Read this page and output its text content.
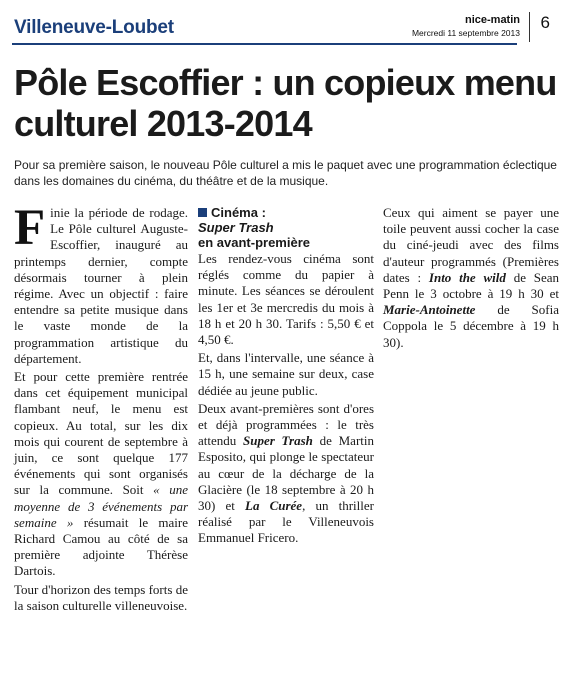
Villeneuve-Loubet	nice-matin
Mercredi 11 septembre 2013
6
Pôle Escoffier : un copieux menu culturel 2013-2014
Pour sa première saison, le nouveau Pôle culturel a mis le paquet avec une programmation éclectique dans les domaines du cinéma, du théâtre et de la musique.

Finie la période de rodage. Le Pôle culturel Auguste-Escoffier, inauguré au printemps dernier, compte désormais tourner à plein régime. Avec un objectif : faire entendre sa petite musique dans le vaste monde de la programmation artistique du département.

Et pour cette première rentrée dans cet équipement municipal flambant neuf, le menu est copieux. Au total, sur les dix mois qui courent de septembre à juin, ce sont quelque 177 événements qui sont organisés sur la commune. Soit « une moyenne de 3 événements par semaine » résumait le maire Richard Camou au côté de sa première adjointe Thérèse Dartois.

Tour d'horizon des temps forts de la saison culturelle villeneuvoise.

Cinéma :
Super Trash
en avant-première

Les rendez-vous cinéma sont réglés comme du papier à minute. Les séances se déroulent les 1er et 3e mercredis du mois à 18 h et 20 h 30. Tarifs : 5,50 € et 4,50 €.

Et, dans l'intervalle, une séance à 15 h, une semaine sur deux, case dédiée au jeune public.

Deux avant-premières sont d'ores et déjà programmées : le très attendu Super Trash de Martin Esposito, qui plonge le spectateur au cœur de la décharge de la Glacière (le 18 septembre à 20 h 30) et La Curée, un thriller réalisé par le Villeneuvois Emmanuel Fricero.

Ceux qui aiment se payer une toile peuvent aussi cocher la case du ciné-jeudi avec des films d'auteur programmés (Premières dates : Into the wild de Sean Penn le 3 octobre à 19 h 30 et Marie-Antoinette de Sofia Coppola le 5 décembre à 19 h 30).
